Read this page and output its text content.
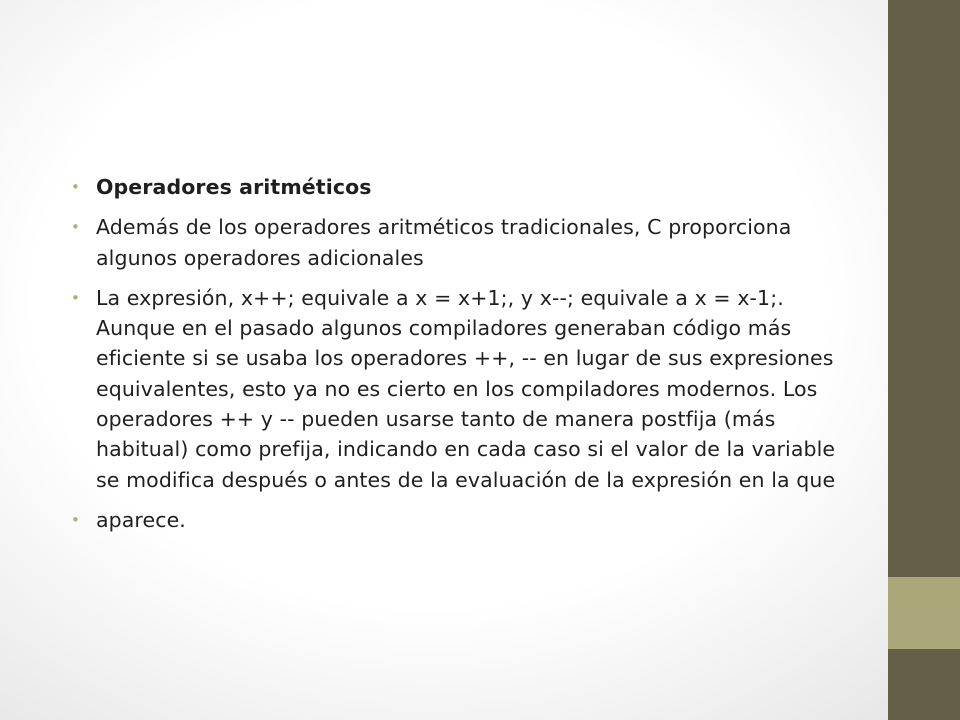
• Operadores aritméticos
• Además de los operadores aritméticos tradicionales, C proporciona algunos operadores adicionales
• La expresión, x++; equivale a x = x+1;, y x--; equivale a x = x-1;. Aunque en el pasado algunos compiladores generaban código más eficiente si se usaba los operadores ++, -- en lugar de sus expresiones equivalentes, esto ya no es cierto en los compiladores modernos. Los operadores ++ y -- pueden usarse tanto de manera postfija (más habitual) como prefija, indicando en cada caso si el valor de la variable se modifica después o antes de la evaluación de la expresión en la que
• aparece.
